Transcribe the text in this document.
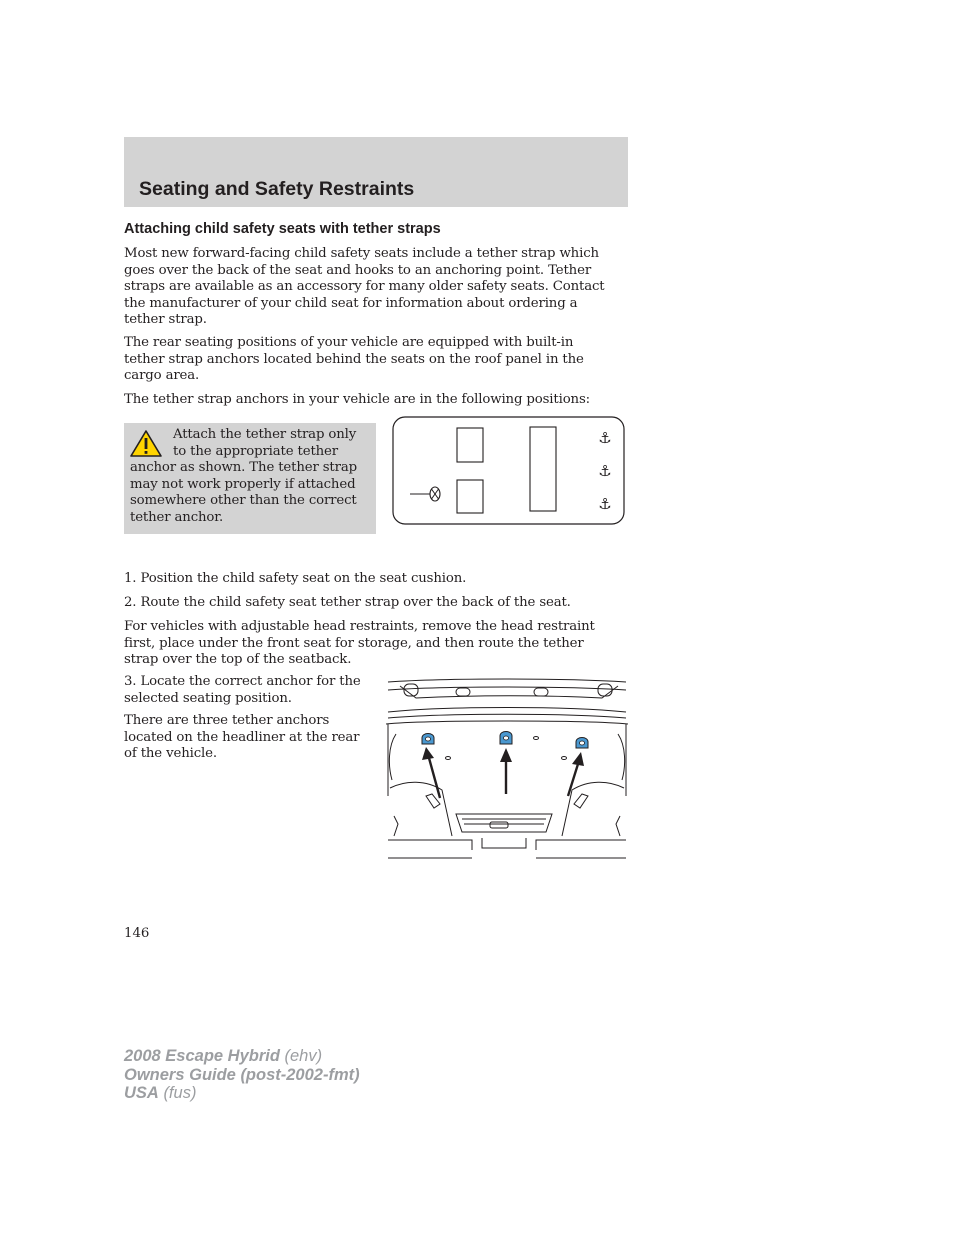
Seating and Safety Restraints
Attaching child safety seats with tether straps
Most new forward-facing child safety seats include a tether strap which
goes over the back of the seat and hooks to an anchoring point. Tether
straps are available as an accessory for many older safety seats. Contact
the manufacturer of your child seat for information about ordering a
tether strap.
The rear seating positions of your vehicle are equipped with built-in
tether strap anchors located behind the seats on the roof panel in the
cargo area.
The tether strap anchors in your vehicle are in the following positions:
Attach the tether strap only
to the appropriate tether
anchor as shown. The tether strap
may not work properly if attached
somewhere other than the correct
tether anchor.
⚓
⚓
⚓
1. Position the child safety seat on the seat cushion.
2. Route the child safety seat tether strap over the back of the seat.
For vehicles with adjustable head restraints, remove the head restraint
first, place under the front seat for storage, and then route the tether
strap over the top of the seatback.
3. Locate the correct anchor for the
selected seating position.
There are three tether anchors
located on the headliner at the rear
of the vehicle.
146
2008 Escape Hybrid (ehv)
Owners Guide (post-2002-fmt)
USA (fus)
